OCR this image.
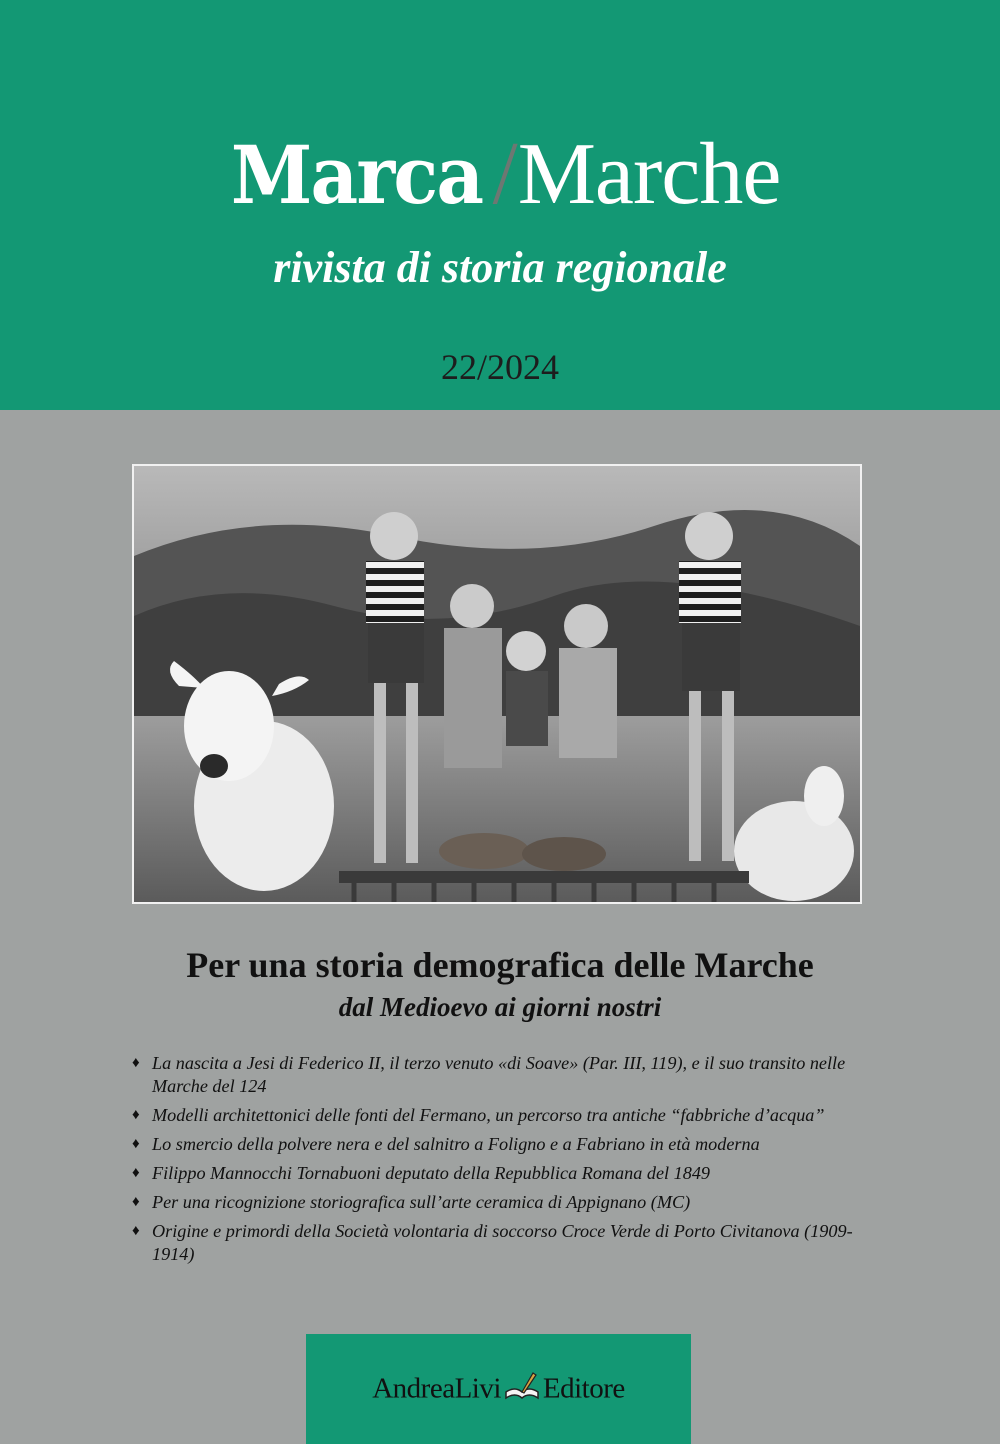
Marca /Marche
rivista di storia regionale
22/2024
Per una storia demografica delle Marche
dal Medioevo ai giorni nostri
♦ La nascita a Jesi di Federico II, il terzo venuto «di Soave» (Par. III, 119), e il suo transito nelle Marche del 124
♦ Modelli architettonici delle fonti del Fermano, un percorso tra antiche “fabbriche d’acqua”
♦ Lo smercio della polvere nera e del salnitro a Foligno e a Fabriano in età moderna
♦ Filippo Mannocchi Tornabuoni deputato della Repubblica Romana del 1849
♦ Per una ricognizione storiografica sull’arte ceramica di Appignano (MC)
♦ Origine e primordi della Società volontaria di soccorso Croce Verde di Porto Civitanova (1909-1914)
AndreaLivi Editore
